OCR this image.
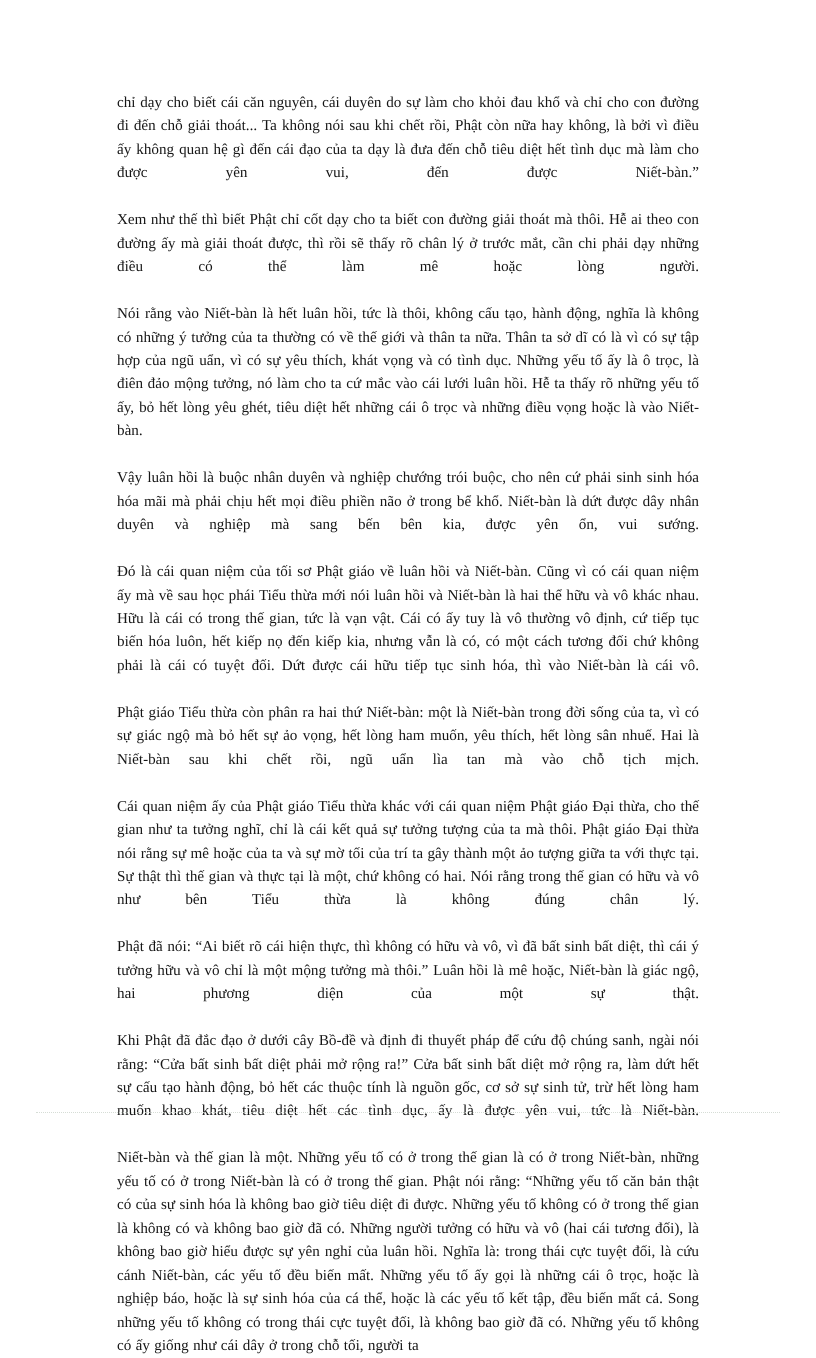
chỉ dạy cho biết cái căn nguyên, cái duyên do sự làm cho khỏi đau khổ và chỉ cho con đường đi đến chỗ giải thoát... Ta không nói sau khi chết rồi, Phật còn nữa hay không, là bởi vì điều ấy không quan hệ gì đến cái đạo của ta dạy là đưa đến chỗ tiêu diệt hết tình dục mà làm cho được yên vui, đến được Niết-bàn.”

Xem như thế thì biết Phật chỉ cốt dạy cho ta biết con đường giải thoát mà thôi. Hễ ai theo con đường ấy mà giải thoát được, thì rồi sẽ thấy rõ chân lý ở trước mắt, cần chi phải dạy những điều có thể làm mê hoặc lòng người.

Nói rằng vào Niết-bàn là hết luân hồi, tức là thôi, không cấu tạo, hành động, nghĩa là không có những ý tưởng của ta thường có về thế giới và thân ta nữa. Thân ta sở dĩ có là vì có sự tập hợp của ngũ uẩn, vì có sự yêu thích, khát vọng và có tình dục. Những yếu tố ấy là ô trọc, là điên đảo mộng tưởng, nó làm cho ta cứ mắc vào cái lưới luân hồi. Hễ ta thấy rõ những yếu tố ấy, bỏ hết lòng yêu ghét, tiêu diệt hết những cái ô trọc và những điều vọng hoặc là vào Niết-bàn.

Vậy luân hồi là buộc nhân duyên và nghiệp chướng trói buộc, cho nên cứ phải sinh sinh hóa hóa mãi mà phải chịu hết mọi điều phiền não ở trong bể khổ. Niết-bàn là dứt được dây nhân duyên và nghiệp mà sang bến bên kia, được yên ổn, vui sướng.

Đó là cái quan niệm của tối sơ Phật giáo về luân hồi và Niết-bàn. Cũng vì có cái quan niệm ấy mà về sau học phái Tiểu thừa mới nói luân hồi và Niết-bàn là hai thể hữu và vô khác nhau. Hữu là cái có trong thế gian, tức là vạn vật. Cái có ấy tuy là vô thường vô định, cứ tiếp tục biến hóa luôn, hết kiếp nọ đến kiếp kia, nhưng vẫn là có, có một cách tương đối chứ không phải là cái có tuyệt đối. Dứt được cái hữu tiếp tục sinh hóa, thì vào Niết-bàn là cái vô.

Phật giáo Tiểu thừa còn phân ra hai thứ Niết-bàn: một là Niết-bàn trong đời sống của ta, vì có sự giác ngộ mà bỏ hết sự ảo vọng, hết lòng ham muốn, yêu thích, hết lòng sân nhuế. Hai là Niết-bàn sau khi chết rồi, ngũ uẩn lìa tan mà vào chỗ tịch mịch.

Cái quan niệm ấy của Phật giáo Tiểu thừa khác với cái quan niệm Phật giáo Đại thừa, cho thế gian như ta tưởng nghĩ, chỉ là cái kết quả sự tưởng tượng của ta mà thôi. Phật giáo Đại thừa nói rằng sự mê hoặc của ta và sự mờ tối của trí ta gây thành một ảo tượng giữa ta với thực tại. Sự thật thì thế gian và thực tại là một, chứ không có hai. Nói rằng trong thế gian có hữu và vô như bên Tiểu thừa là không đúng chân lý.

Phật đã nói: “Ai biết rõ cái hiện thực, thì không có hữu và vô, vì đã bất sinh bất diệt, thì cái ý tưởng hữu và vô chỉ là một mộng tưởng mà thôi.” Luân hồi là mê hoặc, Niết-bàn là giác ngộ, hai phương diện của một sự thật.

Khi Phật đã đắc đạo ở dưới cây Bồ-đề và định đi thuyết pháp để cứu độ chúng sanh, ngài nói rằng: “Cửa bất sinh bất diệt phải mở rộng ra!” Cửa bất sinh bất diệt mở rộng ra, làm dứt hết sự cấu tạo hành động, bỏ hết các thuộc tính là nguồn gốc, cơ sở sự sinh tử, trừ hết lòng ham muốn khao khát, tiêu diệt hết các tình dục, ấy là được yên vui, tức là Niết-bàn.

Niết-bàn và thế gian là một. Những yếu tố có ở trong thế gian là có ở trong Niết-bàn, những yếu tố có ở trong Niết-bàn là có ở trong thế gian. Phật nói rằng: “Những yếu tố căn bản thật có của sự sinh hóa là không bao giờ tiêu diệt đi được. Những yếu tố không có ở trong thế gian là không có và không bao giờ đã có. Những người tưởng có hữu và vô (hai cái tương đối), là không bao giờ hiểu được sự yên nghỉ của luân hồi. Nghĩa là: trong thái cực tuyệt đối, là cứu cánh Niết-bàn, các yếu tố đều biến mất. Những yếu tố ấy gọi là những cái ô trọc, hoặc là nghiệp báo, hoặc là sự sinh hóa của cá thể, hoặc là các yếu tố kết tập, đều biến mất cả. Song những yếu tố không có trong thái cực tuyệt đối, là không bao giờ đã có. Những yếu tố không có ấy giống như cái dây ở trong chỗ tối, người ta
